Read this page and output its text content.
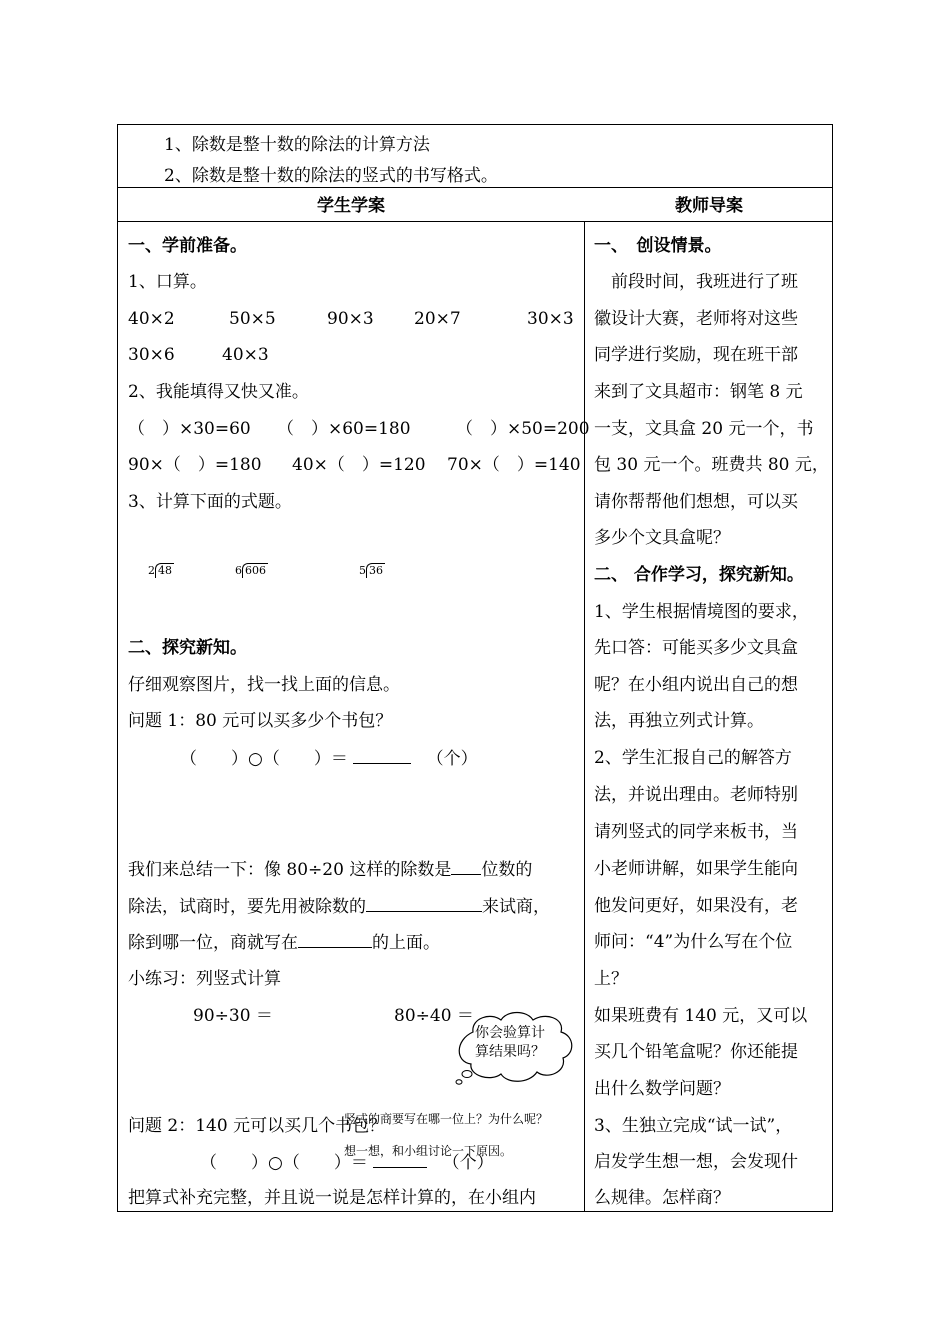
1、除数是整十数的除法的计算方法
2、除数是整十数的除法的竖式的书写格式。
学生学案	教师导案
一、学前准备。
1、口算。
40×2	50×5	90×3 20×7	30×3
30×6	40×3
2、我能填得又快又准。
（　）×30=60 （　）×60=180	（　）×50=200
90×（　）=180 40×（　）=120 70×（　）=140
3、计算下面的式题。
2 48	6 606	5 36
二、探究新知。
仔细观察图片，找一找上面的信息。
问题 1：80 元可以买多少个书包？
（　　）○（　　）＝	（个）
我们来总结一下：像 80÷20 这样的除数是 位数的
除法，试商时，要先用被除数的	来试商，
除到哪一位，商就写在	的上面。
小练习：列竖式计算
90÷30 ＝	80÷40 ＝
问题 2：140 元可以买几个书包？
竖式的商要写在哪一位上？为什么呢？
想一想，和小组讨论一下原因。
（　　）○（　　）＝	（个）
把算式补充完整，并且说一说是怎样计算的，在小组内
一、　创设情景。
　前段时间，我班进行了班
徽设计大赛，老师将对这些
同学进行奖励，现在班干部
来到了文具超市：钢笔 8 元
一支，文具盒 20 元一个，书
包 30 元一个。班费共 80 元，
请你帮帮他们想想，可以买
多少个文具盒呢？
二、 合作学习，探究新知。
1、学生根据情境图的要求，
先口答：可能买多少文具盒
呢？在小组内说出自己的想
法，再独立列式计算。
2、学生汇报自己的解答方
法，并说出理由。老师特别
请列竖式的同学来板书，当
小老师讲解，如果学生能向
他发问更好，如果没有，老
师问：“4”为什么写在个位
上？
如果班费有 140 元，又可以
买几个铅笔盒呢？你还能提
出什么数学问题？
3、生独立完成“试一试”，
启发学生想一想，会发现什
么规律。怎样商？
你会验算计算结果吗？
